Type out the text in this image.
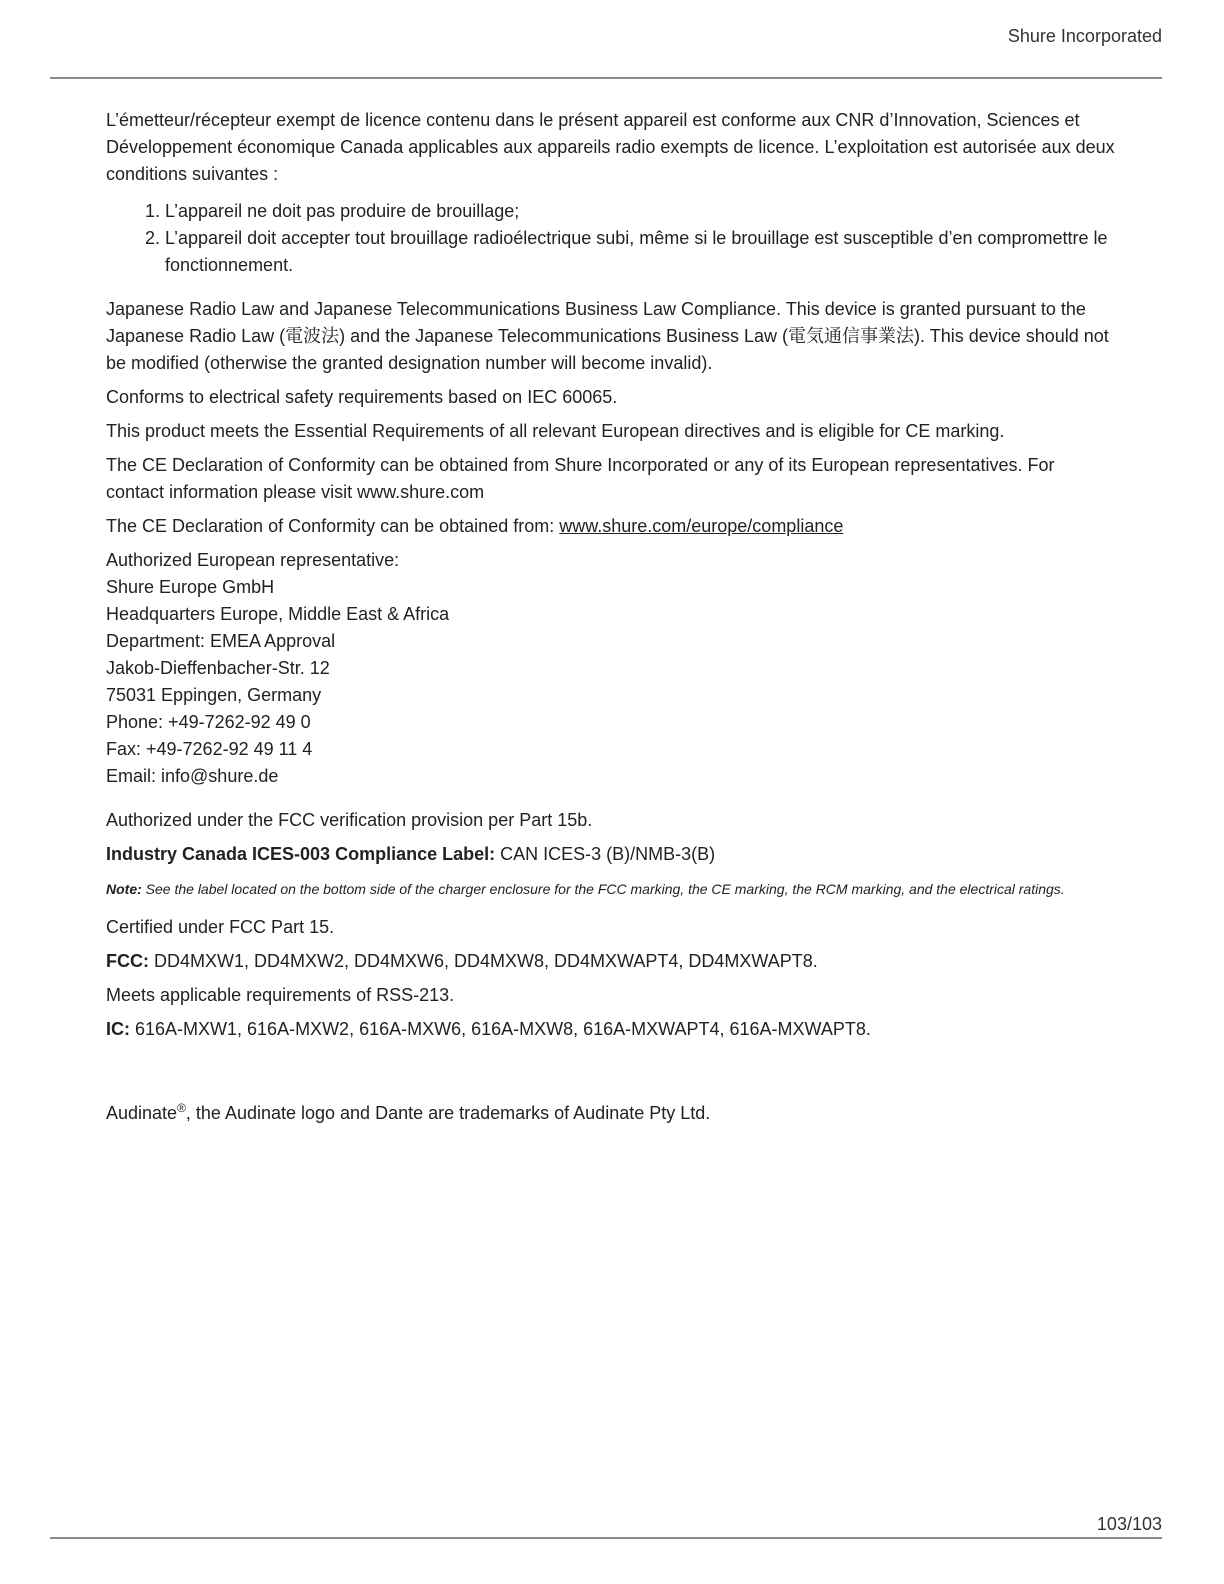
Shure Incorporated

L’émetteur/récepteur exempt de licence contenu dans le présent appareil est conforme aux CNR d’Innovation, Sciences et Développement économique Canada applicables aux appareils radio exempts de licence. L’exploitation est autorisée aux deux conditions suivantes :

1. L’appareil ne doit pas produire de brouillage;
2. L’appareil doit accepter tout brouillage radioélectrique subi, même si le brouillage est susceptible d’en compromettre le fonctionnement.

Japanese Radio Law and Japanese Telecommunications Business Law Compliance. This device is granted pursuant to the Japanese Radio Law (電波法) and the Japanese Telecommunications Business Law (電気通信事業法). This device should not be modified (otherwise the granted designation number will become invalid).

Conforms to electrical safety requirements based on IEC 60065.

This product meets the Essential Requirements of all relevant European directives and is eligible for CE marking.

The CE Declaration of Conformity can be obtained from Shure Incorporated or any of its European representatives. For contact information please visit www.shure.com

The CE Declaration of Conformity can be obtained from: www.shure.com/europe/compliance

Authorized European representative:
Shure Europe GmbH
Headquarters Europe, Middle East & Africa
Department: EMEA Approval
Jakob-Dieffenbacher-Str. 12
75031 Eppingen, Germany
Phone: +49-7262-92 49 0
Fax: +49-7262-92 49 11 4
Email: info@shure.de

Authorized under the FCC verification provision per Part 15b.

Industry Canada ICES-003 Compliance Label: CAN ICES-3 (B)/NMB-3(B)

Note: See the label located on the bottom side of the charger enclosure for the FCC marking, the CE marking, the RCM marking, and the electrical ratings.

Certified under FCC Part 15.

FCC: DD4MXW1, DD4MXW2, DD4MXW6, DD4MXW8, DD4MXWAPT4, DD4MXWAPT8.

Meets applicable requirements of RSS-213.

IC: 616A-MXW1, 616A-MXW2, 616A-MXW6, 616A-MXW8, 616A-MXWAPT4, 616A-MXWAPT8.

Audinate®, the Audinate logo and Dante are trademarks of Audinate Pty Ltd.

103/103
